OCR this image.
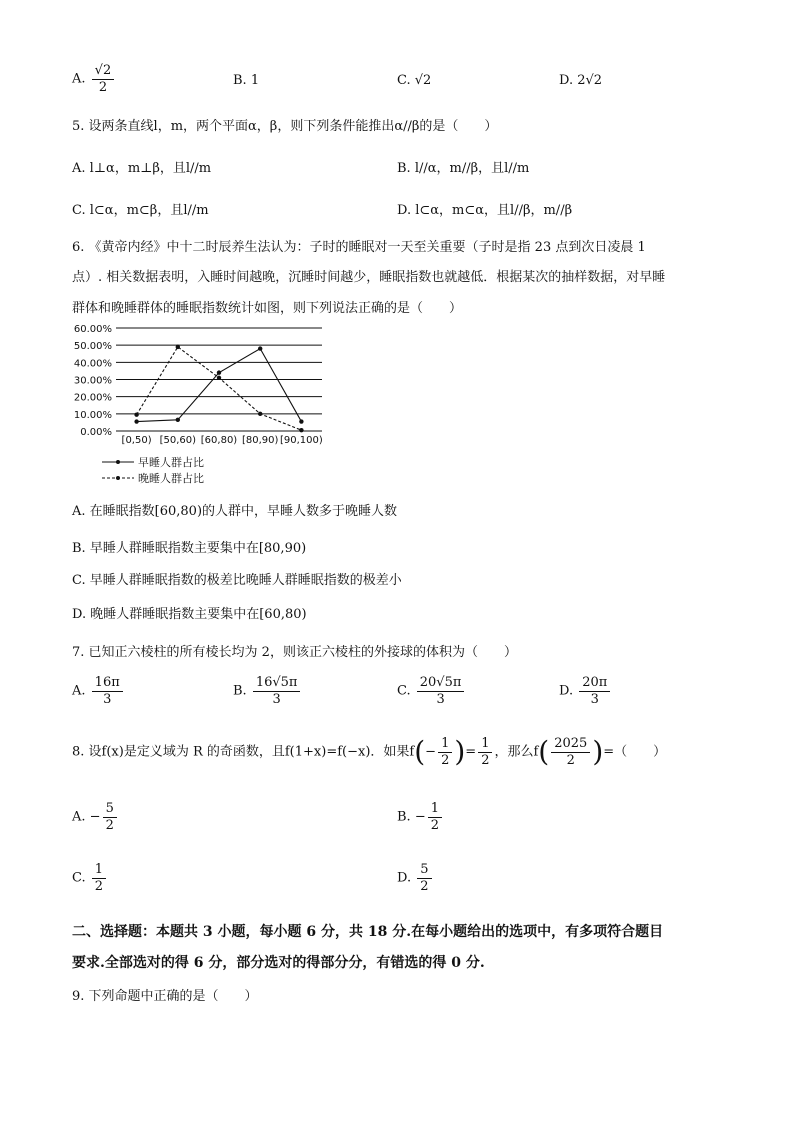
A. $\frac{√2}{2}$	B. 1	C. √2	D. 2√2
5. 设两条直线l，m，两个平面α，β，则下列条件能推出α//β的是（　　）
A. l⊥α，m⊥β，且l//m	B. l//α，m//β，且l//m
C. l⊂α，m⊂β，且l//m	D. l⊂α，m⊂α，且l//β，m//β
6. 《黄帝内经》中十二时辰养生法认为：子时的睡眠对一天至关重要（子时是指 23 点到次日凌晨 1
点）. 相关数据表明，入睡时间越晚，沉睡时间越少，睡眠指数也就越低．根据某次的抽样数据，对早睡
群体和晚睡群体的睡眠指数统计如图，则下列说法正确的是（　　）
60.00%
50.00%
40.00%
30.00%
20.00%
10.00%
0.00%
[0,50) [50,60) [60,80) [80,90) [90,100)
早睡人群占比
晚睡人群占比
A. 在睡眠指数[60,80)的人群中，早睡人数多于晚睡人数
B. 早睡人群睡眠指数主要集中在[80,90)
C. 早睡人群睡眠指数的极差比晚睡人群睡眠指数的极差小
D. 晚睡人群睡眠指数主要集中在[60,80)
7. 已知正六棱柱的所有棱长均为 2，则该正六棱柱的外接球的体积为（　　）
A. $\frac{16\pi}{3}$	B. $\frac{16√5\pi}{3}$	C. $\frac{20√5\pi}{3}$	D. $\frac{20\pi}{3}$
8. 设f(x)是定义域为 R 的奇函数，且f(1+x)=f(−x)．如果$f(- \frac{1}{2}$ )= $\frac{1}{2}$ ，那么$f( \frac{2025}{2}$ )=（　　）
A. − $\frac{5}{2}$	B. − $\frac{1}{2}$
C. $\frac{1}{2}$	D. $\frac{5}{2}$
二、选择题：本题共 3 小题，每小题 6 分，共 18 分.在每小题给出的选项中，有多项符合题目
要求.全部选对的得 6 分，部分选对的得部分分，有错选的得 0 分.
9. 下列命题中正确的是（　　）
